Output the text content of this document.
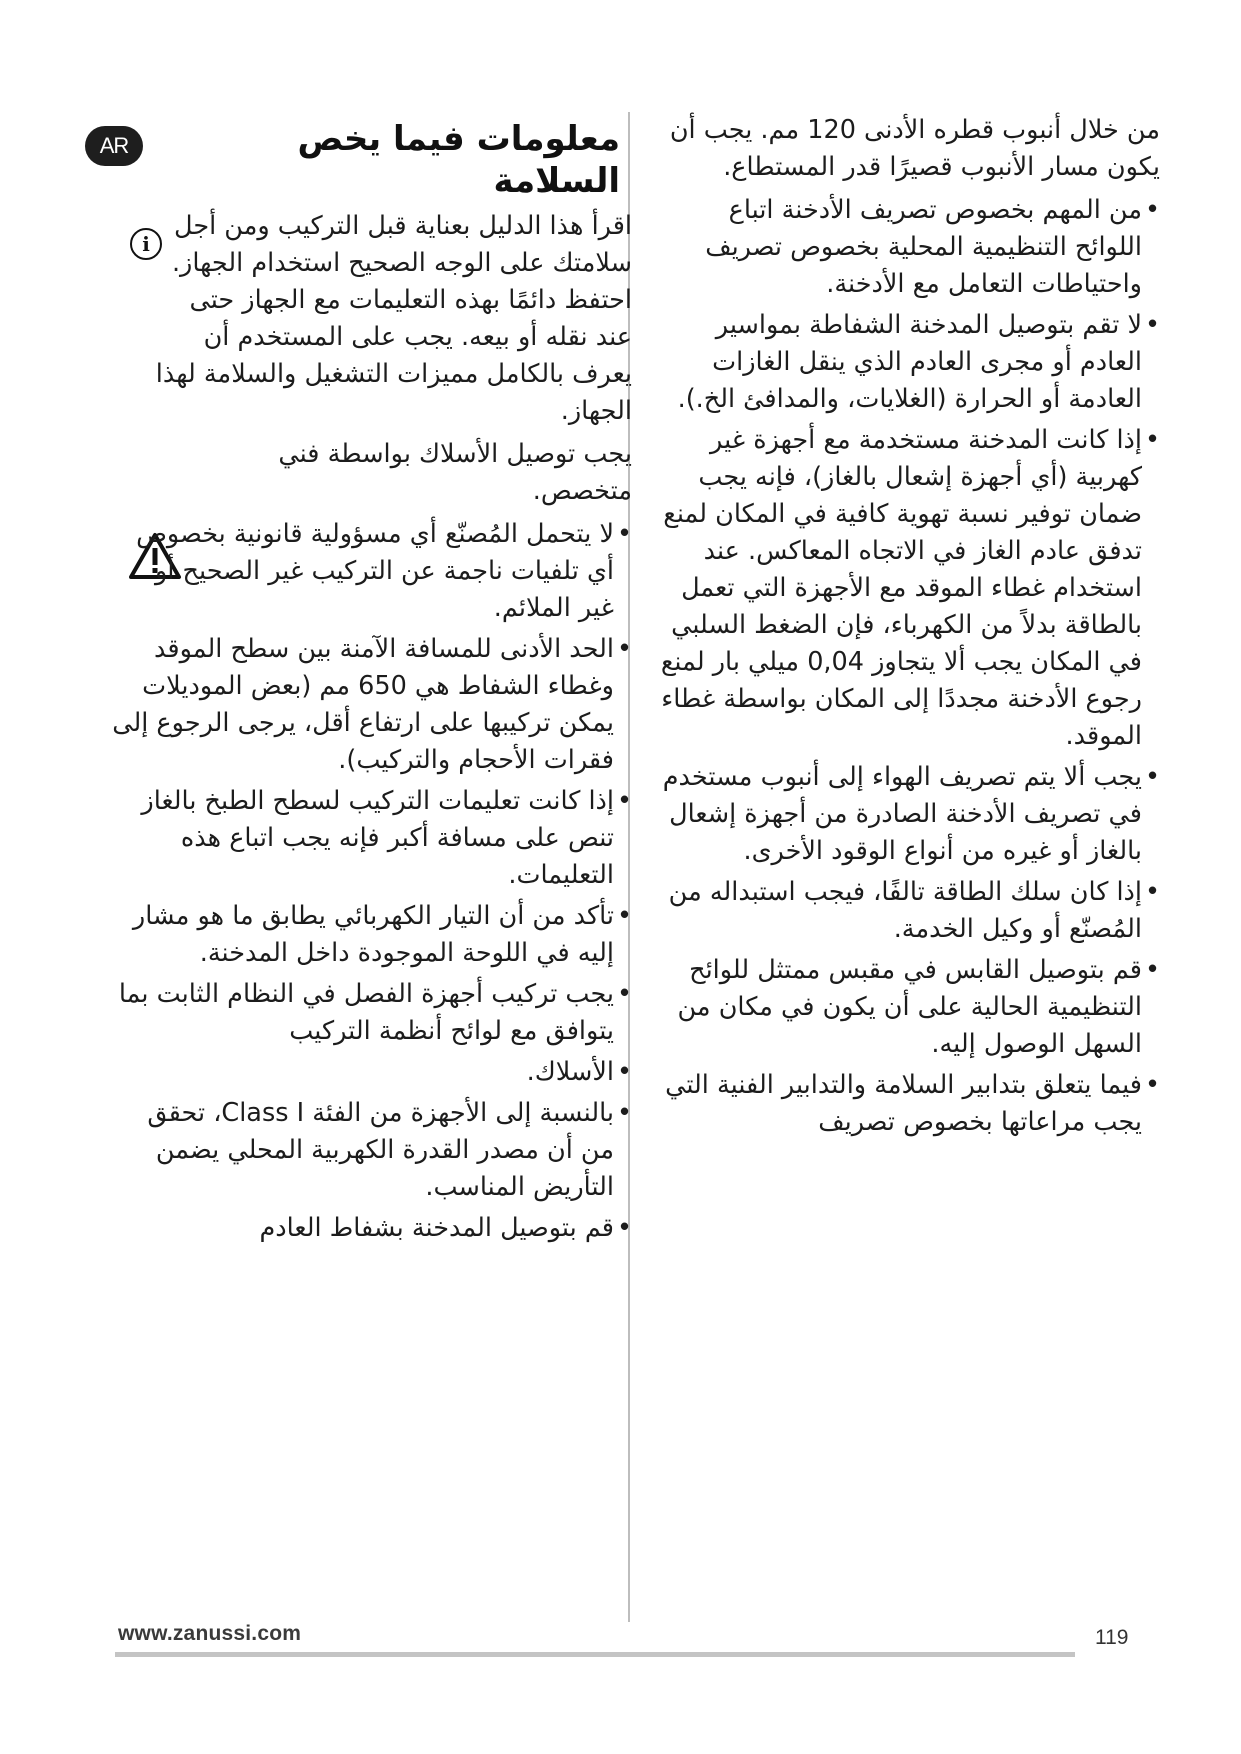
AR	معلومات فيما يخص السلامة
i

اقرأ هذا الدليل بعناية قبل التركيب ومن أجل سلامتك على الوجه الصحيح استخدام الجهاز. احتفظ دائمًا بهذه التعليمات مع الجهاز حتى عند نقله أو بيعه. يجب على المستخدم أن يعرف بالكامل مميزات التشغيل والسلامة لهذا الجهاز.

يجب توصيل الأسلاك بواسطة فني متخصص.

• لا يتحمل المُصنّع أي مسؤولية قانونية بخصوص أي تلفيات ناجمة عن التركيب غير الصحيح أو غير الملائم.
• الحد الأدنى للمسافة الآمنة بين سطح الموقد وغطاء الشفاط هي 650 مم (بعض الموديلات يمكن تركيبها على ارتفاع أقل، يرجى الرجوع إلى فقرات الأحجام والتركيب).
• إذا كانت تعليمات التركيب لسطح الطبخ بالغاز تنص على مسافة أكبر فإنه يجب اتباع هذه التعليمات.
• تأكد من أن التيار الكهربائي يطابق ما هو مشار إليه في اللوحة الموجودة داخل المدخنة.
• يجب تركيب أجهزة الفصل في النظام الثابت بما يتوافق مع لوائح أنظمة التركيب
• الأسلاك.
• بالنسبة إلى الأجهزة من الفئة Class I، تحقق من أن مصدر القدرة الكهربية المحلي يضمن التأريض المناسب.
• قم بتوصيل المدخنة بشفاط العادم

من خلال أنبوب قطره الأدنى 120 مم. يجب أن يكون مسار الأنبوب قصيرًا قدر المستطاع.

• من المهم بخصوص تصريف الأدخنة اتباع اللوائح التنظيمية المحلية بخصوص تصريف واحتياطات التعامل مع الأدخنة.
• لا تقم بتوصيل المدخنة الشفاطة بمواسير العادم أو مجرى العادم الذي ينقل الغازات العادمة أو الحرارة (الغلايات، والمدافئ الخ.).
• إذا كانت المدخنة مستخدمة مع أجهزة غير كهربية (أي أجهزة إشعال بالغاز)، فإنه يجب ضمان توفير نسبة تهوية كافية في المكان لمنع تدفق عادم الغاز في الاتجاه المعاكس. عند استخدام غطاء الموقد مع الأجهزة التي تعمل بالطاقة بدلاً من الكهرباء، فإن الضغط السلبي في المكان يجب ألا يتجاوز 0,04 ميلي بار لمنع رجوع الأدخنة مجددًا إلى المكان بواسطة غطاء الموقد.
• يجب ألا يتم تصريف الهواء إلى أنبوب مستخدم في تصريف الأدخنة الصادرة من أجهزة إشعال بالغاز أو غيره من أنواع الوقود الأخرى.
• إذا كان سلك الطاقة تالفًا، فيجب استبداله من المُصنّع أو وكيل الخدمة.
• قم بتوصيل القابس في مقبس ممتثل للوائح التنظيمية الحالية على أن يكون في مكان من السهل الوصول إليه.
• فيما يتعلق بتدابير السلامة والتدابير الفنية التي يجب مراعاتها بخصوص تصريف
www.zanussi.com	119
